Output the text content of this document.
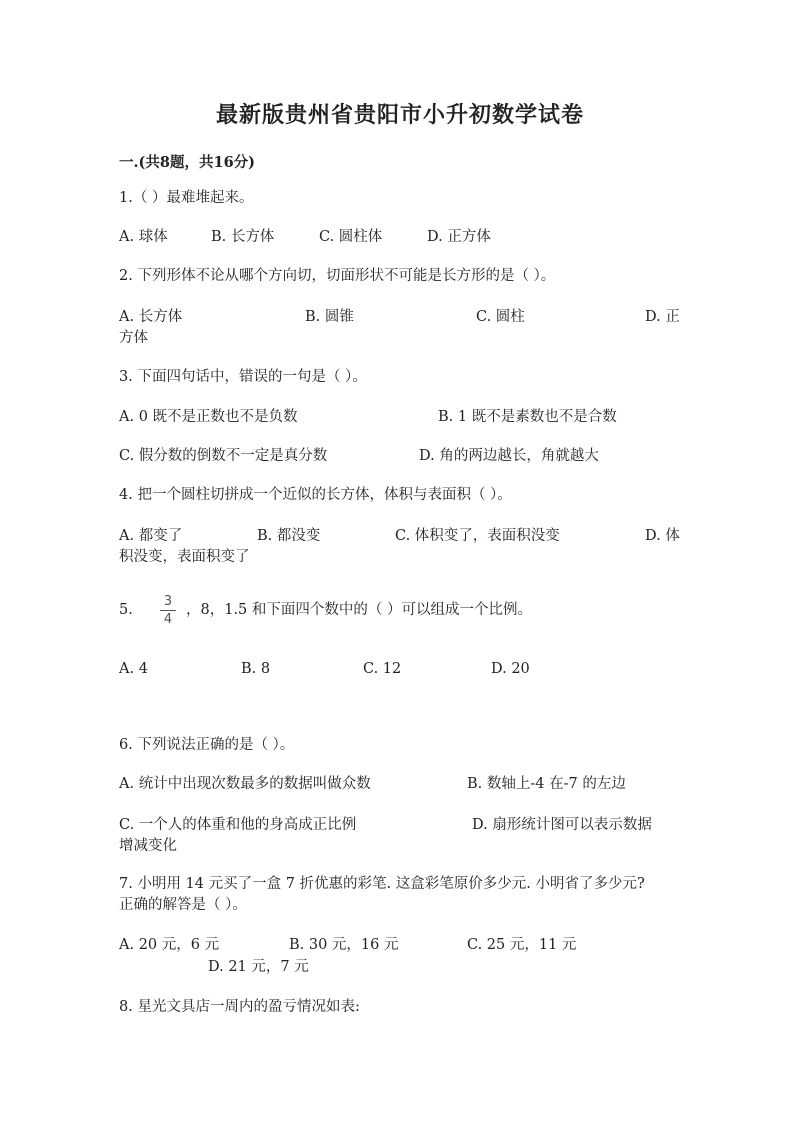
最新版贵州省贵阳市小升初数学试卷
一.(共8题，共16分)
1.（ ）最难堆起来。
A. 球体	B. 长方体	C. 圆柱体	D. 正方体
2. 下列形体不论从哪个方向切，切面形状不可能是长方形的是（ ）。
A. 长方体	B. 圆锥	C. 圆柱	D. 正
方体
3. 下面四句话中，错误的一句是（ ）。
A. 0 既不是正数也不是负数	B. 1 既不是素数也不是合数
C. 假分数的倒数不一定是真分数	D. 角的两边越长，角就越大
4. 把一个圆柱切拼成一个近似的长方体，体积与表面积（ ）。
A. 都变了	B. 都没变	C. 体积变了，表面积没变	D. 体
积没变，表面积变了
5.
3
4
，8，1.5 和下面四个数中的（ ）可以组成一个比例。
A. 4	B. 8	C. 12	D. 20
6. 下列说法正确的是（ ）。
A. 统计中出现次数最多的数据叫做众数	B. 数轴上-4 在-7 的左边
C. 一个人的体重和他的身高成正比例	D. 扇形统计图可以表示数据
增减变化
7. 小明用 14 元买了一盒 7 折优惠的彩笔. 这盒彩笔原价多少元. 小明省了多少元?
正确的解答是（ ）。
A. 20 元，6 元	B. 30 元，16 元	C. 25 元，11 元
D. 21 元，7 元
8. 星光文具店一周内的盈亏情况如表:
